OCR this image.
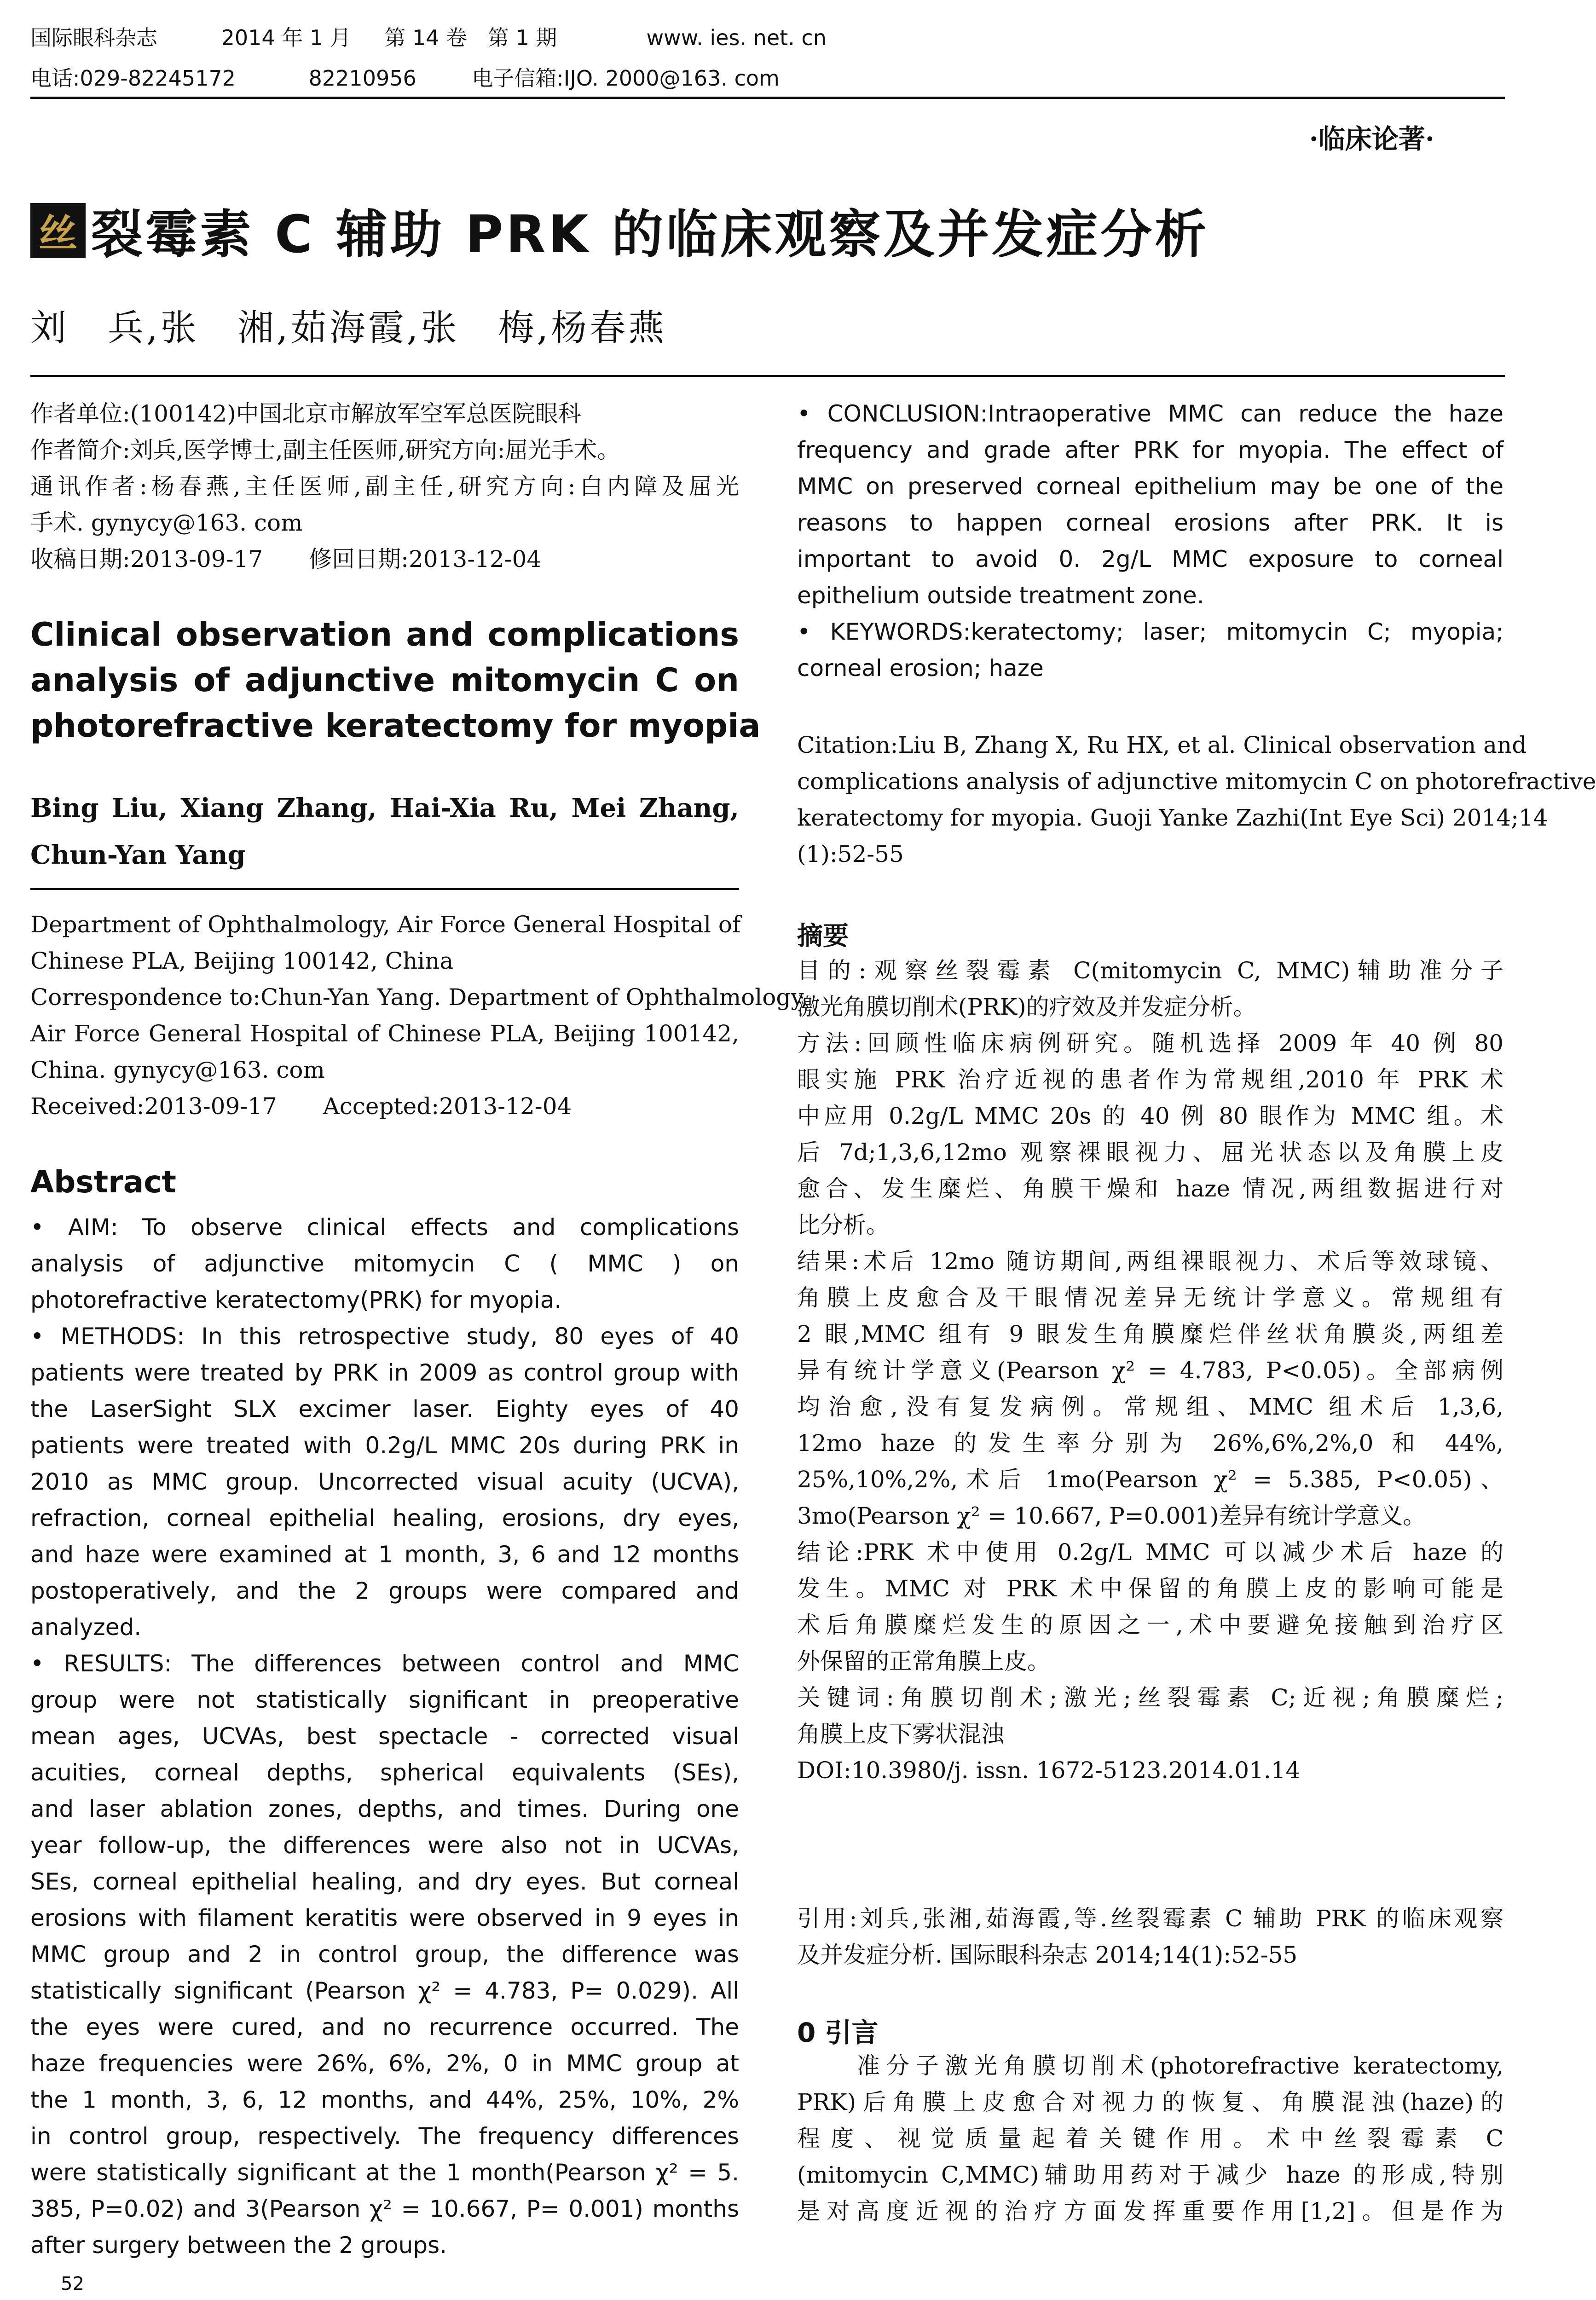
国际眼科杂志	2014 年 1 月 第 14 卷 第 1 期	www. ies. net. cn
电话:029-82245172	82210956	电子信箱:IJO. 2000@163. com
·临床论著·
丝 裂霉素 C 辅助 PRK 的临床观察及并发症分析
刘　兵,张　湘,茹海霞,张　梅,杨春燕
作者单位:(100142)中国北京市解放军空军总医院眼科
作者简介:刘兵,医学博士,副主任医师,研究方向:屈光手术。
通讯作者:杨春燕,主任医师,副主任,研究方向:白内障及屈光
手术. gynycy@163. com
收稿日期:2013-09-17　　修回日期:2013-12-04
Clinical observation and complications
analysis of adjunctive mitomycin C on
photorefractive keratectomy for myopia
Bing Liu, Xiang Zhang, Hai-Xia Ru, Mei Zhang,
Chun-Yan Yang
Department of Ophthalmology, Air Force General Hospital of
Chinese PLA, Beijing 100142, China
Correspondence to:Chun-Yan Yang. Department of Ophthalmology,
Air Force General Hospital of Chinese PLA, Beijing 100142,
China. gynycy@163. com
Received:2013-09-17　　Accepted:2013-12-04
Abstract
• AIM: To observe clinical effects and complications
analysis of adjunctive mitomycin C ( MMC ) on
photorefractive keratectomy(PRK) for myopia.
• METHODS: In this retrospective study, 80 eyes of 40
patients were treated by PRK in 2009 as control group with
the LaserSight SLX excimer laser. Eighty eyes of 40
patients were treated with 0.2g/L MMC 20s during PRK in
2010 as MMC group. Uncorrected visual acuity (UCVA),
refraction, corneal epithelial healing, erosions, dry eyes,
and haze were examined at 1 month, 3, 6 and 12 months
postoperatively, and the 2 groups were compared and
analyzed.
• RESULTS: The differences between control and MMC
group were not statistically significant in preoperative
mean ages, UCVAs, best spectacle - corrected visual
acuities, corneal depths, spherical equivalents (SEs),
and laser ablation zones, depths, and times. During one
year follow-up, the differences were also not in UCVAs,
SEs, corneal epithelial healing, and dry eyes. But corneal
erosions with filament keratitis were observed in 9 eyes in
MMC group and 2 in control group, the difference was
statistically significant (Pearson χ² = 4.783, P= 0.029). All
the eyes were cured, and no recurrence occurred. The
haze frequencies were 26%, 6%, 2%, 0 in MMC group at
the 1 month, 3, 6, 12 months, and 44%, 25%, 10%, 2%
in control group, respectively. The frequency differences
were statistically significant at the 1 month(Pearson χ² = 5.
385, P=0.02) and 3(Pearson χ² = 10.667, P= 0.001) months
after surgery between the 2 groups.
52
• CONCLUSION:Intraoperative MMC can reduce the haze
frequency and grade after PRK for myopia. The effect of
MMC on preserved corneal epithelium may be one of the
reasons to happen corneal erosions after PRK. It is
important to avoid 0. 2g/L MMC exposure to corneal
epithelium outside treatment zone.
• KEYWORDS:keratectomy; laser; mitomycin C; myopia;
corneal erosion; haze
Citation:Liu B, Zhang X, Ru HX, et al. Clinical observation and
complications analysis of adjunctive mitomycin C on photorefractive
keratectomy for myopia. Guoji Yanke Zazhi(Int Eye Sci) 2014;14
(1):52-55
摘要
目的:观察丝裂霉素 C(mitomycin C, MMC)辅助准分子
激光角膜切削术(PRK)的疗效及并发症分析。
方法:回顾性临床病例研究。随机选择 2009 年 40 例 80
眼实施 PRK 治疗近视的患者作为常规组,2010 年 PRK 术
中应用 0.2g/L MMC 20s 的 40 例 80 眼作为 MMC 组。术
后 7d;1,3,6,12mo 观察裸眼视力、屈光状态以及角膜上皮
愈合、发生糜烂、角膜干燥和 haze 情况,两组数据进行对
比分析。
结果:术后 12mo 随访期间,两组裸眼视力、术后等效球镜、
角膜上皮愈合及干眼情况差异无统计学意义。常规组有
2 眼,MMC 组有 9 眼发生角膜糜烂伴丝状角膜炎,两组差
异有统计学意义(Pearson χ² = 4.783, P<0.05)。全部病例
均治愈,没有复发病例。常规组、MMC 组术后 1,3,6,
12mo haze 的发生率分别为 26%,6%,2%,0 和 44%,
25%,10%,2%,术后 1mo(Pearson χ² = 5.385, P<0.05)、
3mo(Pearson χ² = 10.667, P=0.001)差异有统计学意义。
结论:PRK 术中使用 0.2g/L MMC 可以减少术后 haze 的
发生。MMC 对 PRK 术中保留的角膜上皮的影响可能是
术后角膜糜烂发生的原因之一,术中要避免接触到治疗区
外保留的正常角膜上皮。
关键词:角膜切削术;激光;丝裂霉素 C;近视;角膜糜烂;
角膜上皮下雾状混浊
DOI:10.3980/j. issn. 1672-5123.2014.01.14
引用:刘兵,张湘,茹海霞,等.丝裂霉素 C 辅助 PRK 的临床观察
及并发症分析. 国际眼科杂志 2014;14(1):52-55
0 引言
准分子激光角膜切削术(photorefractive keratectomy,
PRK)后角膜上皮愈合对视力的恢复、角膜混浊(haze)的
程度、视觉质量起着关键作用。术中丝裂霉素 C
(mitomycin C,MMC)辅助用药对于减少 haze 的形成,特别
是对高度近视的治疗方面发挥重要作用[1,2]。但是作为
